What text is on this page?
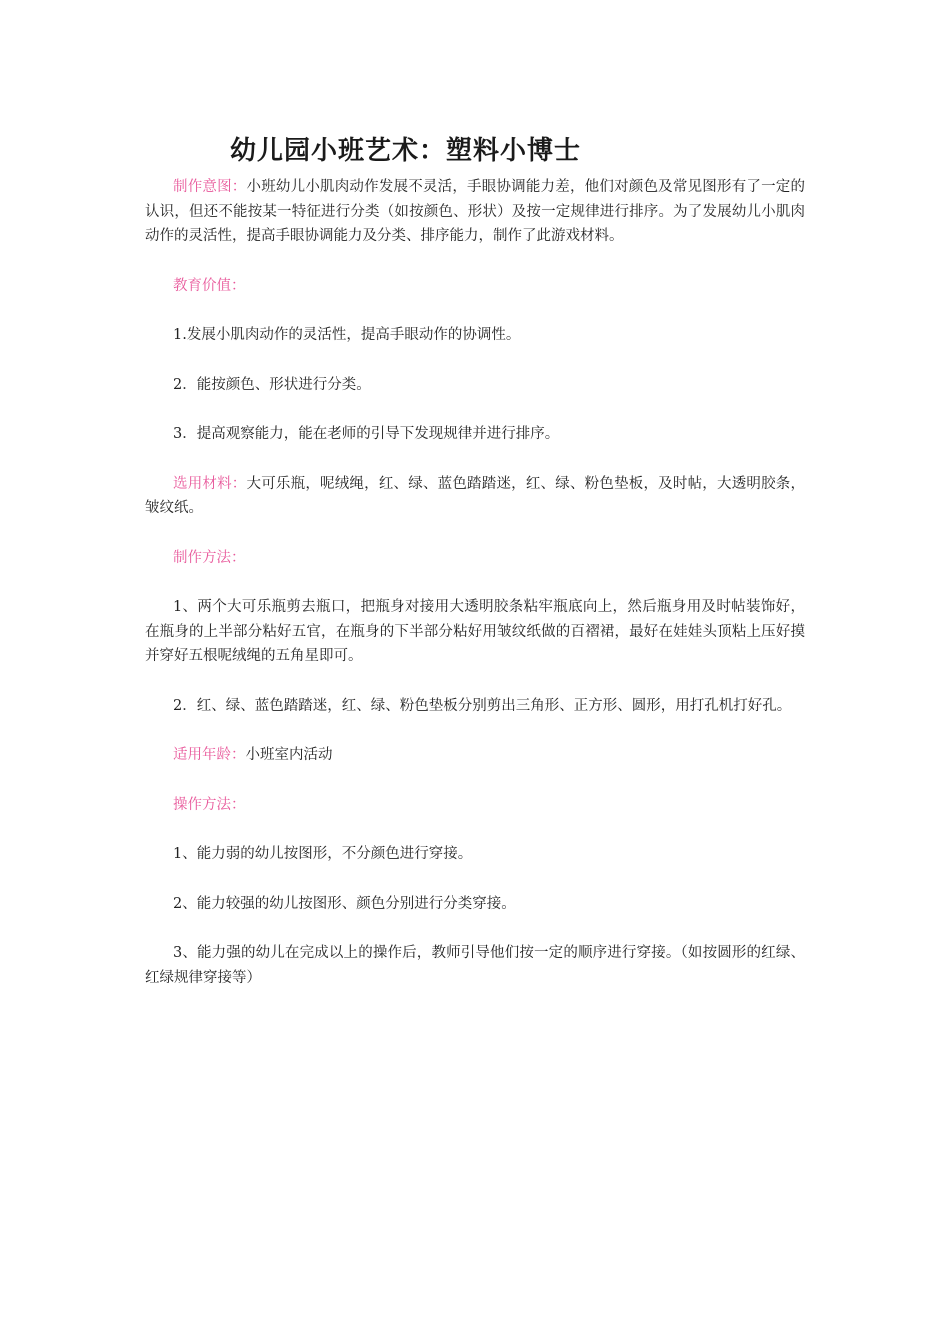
幼儿园小班艺术：塑料小博士

制作意图：小班幼儿小肌肉动作发展不灵活，手眼协调能力差，他们对颜色及常见图形有了一定的认识，但还不能按某一特征进行分类（如按颜色、形状）及按一定规律进行排序。为了发展幼儿小肌肉动作的灵活性，提高手眼协调能力及分类、排序能力，制作了此游戏材料。

教育价值：

1.发展小肌肉动作的灵活性，提高手眼动作的协调性。

2．能按颜色、形状进行分类。

3．提高观察能力，能在老师的引导下发现规律并进行排序。

选用材料：大可乐瓶，呢绒绳，红、绿、蓝色踏踏迷，红、绿、粉色垫板，及时帖，大透明胶条，皱纹纸。

制作方法：

1、两个大可乐瓶剪去瓶口，把瓶身对接用大透明胶条粘牢瓶底向上，然后瓶身用及时帖装饰好，在瓶身的上半部分粘好五官，在瓶身的下半部分粘好用皱纹纸做的百褶裙，最好在娃娃头顶粘上压好摸并穿好五根呢绒绳的五角星即可。

2．红、绿、蓝色踏踏迷，红、绿、粉色垫板分别剪出三角形、正方形、圆形，用打孔机打好孔。

适用年龄：小班室内活动

操作方法：

1、能力弱的幼儿按图形，不分颜色进行穿接。

2、能力较强的幼儿按图形、颜色分别进行分类穿接。

3、能力强的幼儿在完成以上的操作后，教师引导他们按一定的顺序进行穿接。（如按圆形的红绿、红绿规律穿接等）
